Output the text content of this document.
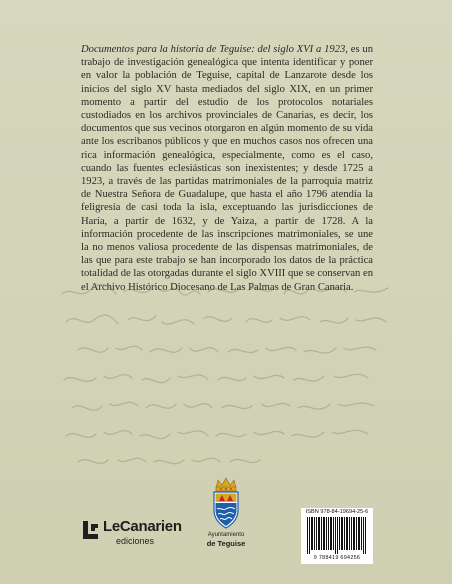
Documentos para la historia de Teguise: del siglo XVI a 1923, es un trabajo de investigación genealógica que intenta identificar y poner en valor la población de Teguise, capital de Lanzarote desde los inicios del siglo XV hasta mediados del siglo XIX, en un primer momento a partir del estudio de los protocolos notariales custodiados en los archivos provinciales de Canarias, es decir, los documentos que sus vecinos otorgaron en algún momento de su vida ante los escribanos públicos y que en muchos casos nos ofrecen una rica información genealógica, especialmente, como es el caso, cuando las fuentes eclesiásticas son inexistentes; y desde 1725 a 1923, a través de las partidas matrimoniales de la parroquia matriz de Nuestra Señora de Guadalupe, que hasta el año 1796 atendía la feligresía de casi toda la isla, exceptuando las jurisdicciones de Haría, a partir de 1632, y de Yaiza, a partir de 1728. A la información procedente de las inscripciones matrimoniales, se une la no menos valiosa procedente de las dispensas matrimoniales, de las que para este trabajo se han incorporado los datos de la práctica totalidad de las otorgadas durante el siglo XVIII que se conservan en el Archivo Histórico Diocesano de Las Palmas de Gran Canaria.
LeCanarien
ediciones
Ayuntamiento
de Teguise
ISBN 978-84-19694-25-6
9 788419 694256
